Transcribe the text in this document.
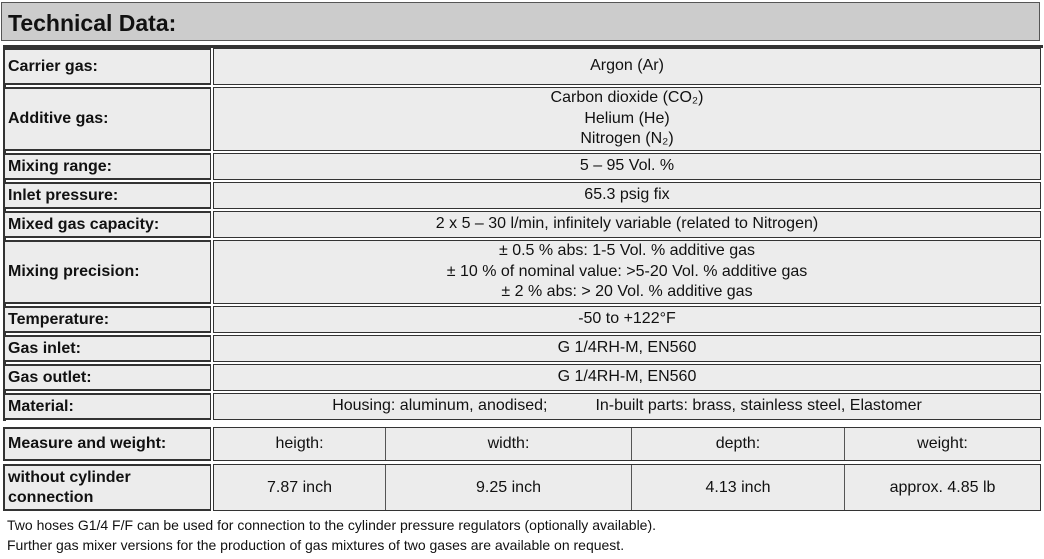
Technical Data:
Carrier gas:	Argon (Ar)
Additive gas:
Carbon dioxide (CO₂)
Helium (He)
Nitrogen (N₂)
Mixing range:	5 – 95 Vol. %
Inlet pressure:	65.3 psig fix
Mixed gas capacity:	2 x 5 – 30 l/min, infinitely variable (related to Nitrogen)
Mixing precision:
± 0.5 % abs: 1-5 Vol. % additive gas
± 10 % of nominal value: >5-20 Vol. % additive gas
± 2 % abs: > 20 Vol. % additive gas
Temperature:	-50 to +122°F
Gas inlet:	G 1/4RH-M, EN560
Gas outlet:	G 1/4RH-M, EN560
Material:	Housing: aluminum, anodised;	In-built parts: brass, stainless steel, Elastomer
Measure and weight:	heigth:	width:	depth:	weight:
without cylinder connection
7.87 inch	9.25 inch	4.13 inch	approx. 4.85 lb
Two hoses G1/4 F/F can be used for connection to the cylinder pressure regulators (optionally available).
Further gas mixer versions for the production of gas mixtures of two gases are available on request.
